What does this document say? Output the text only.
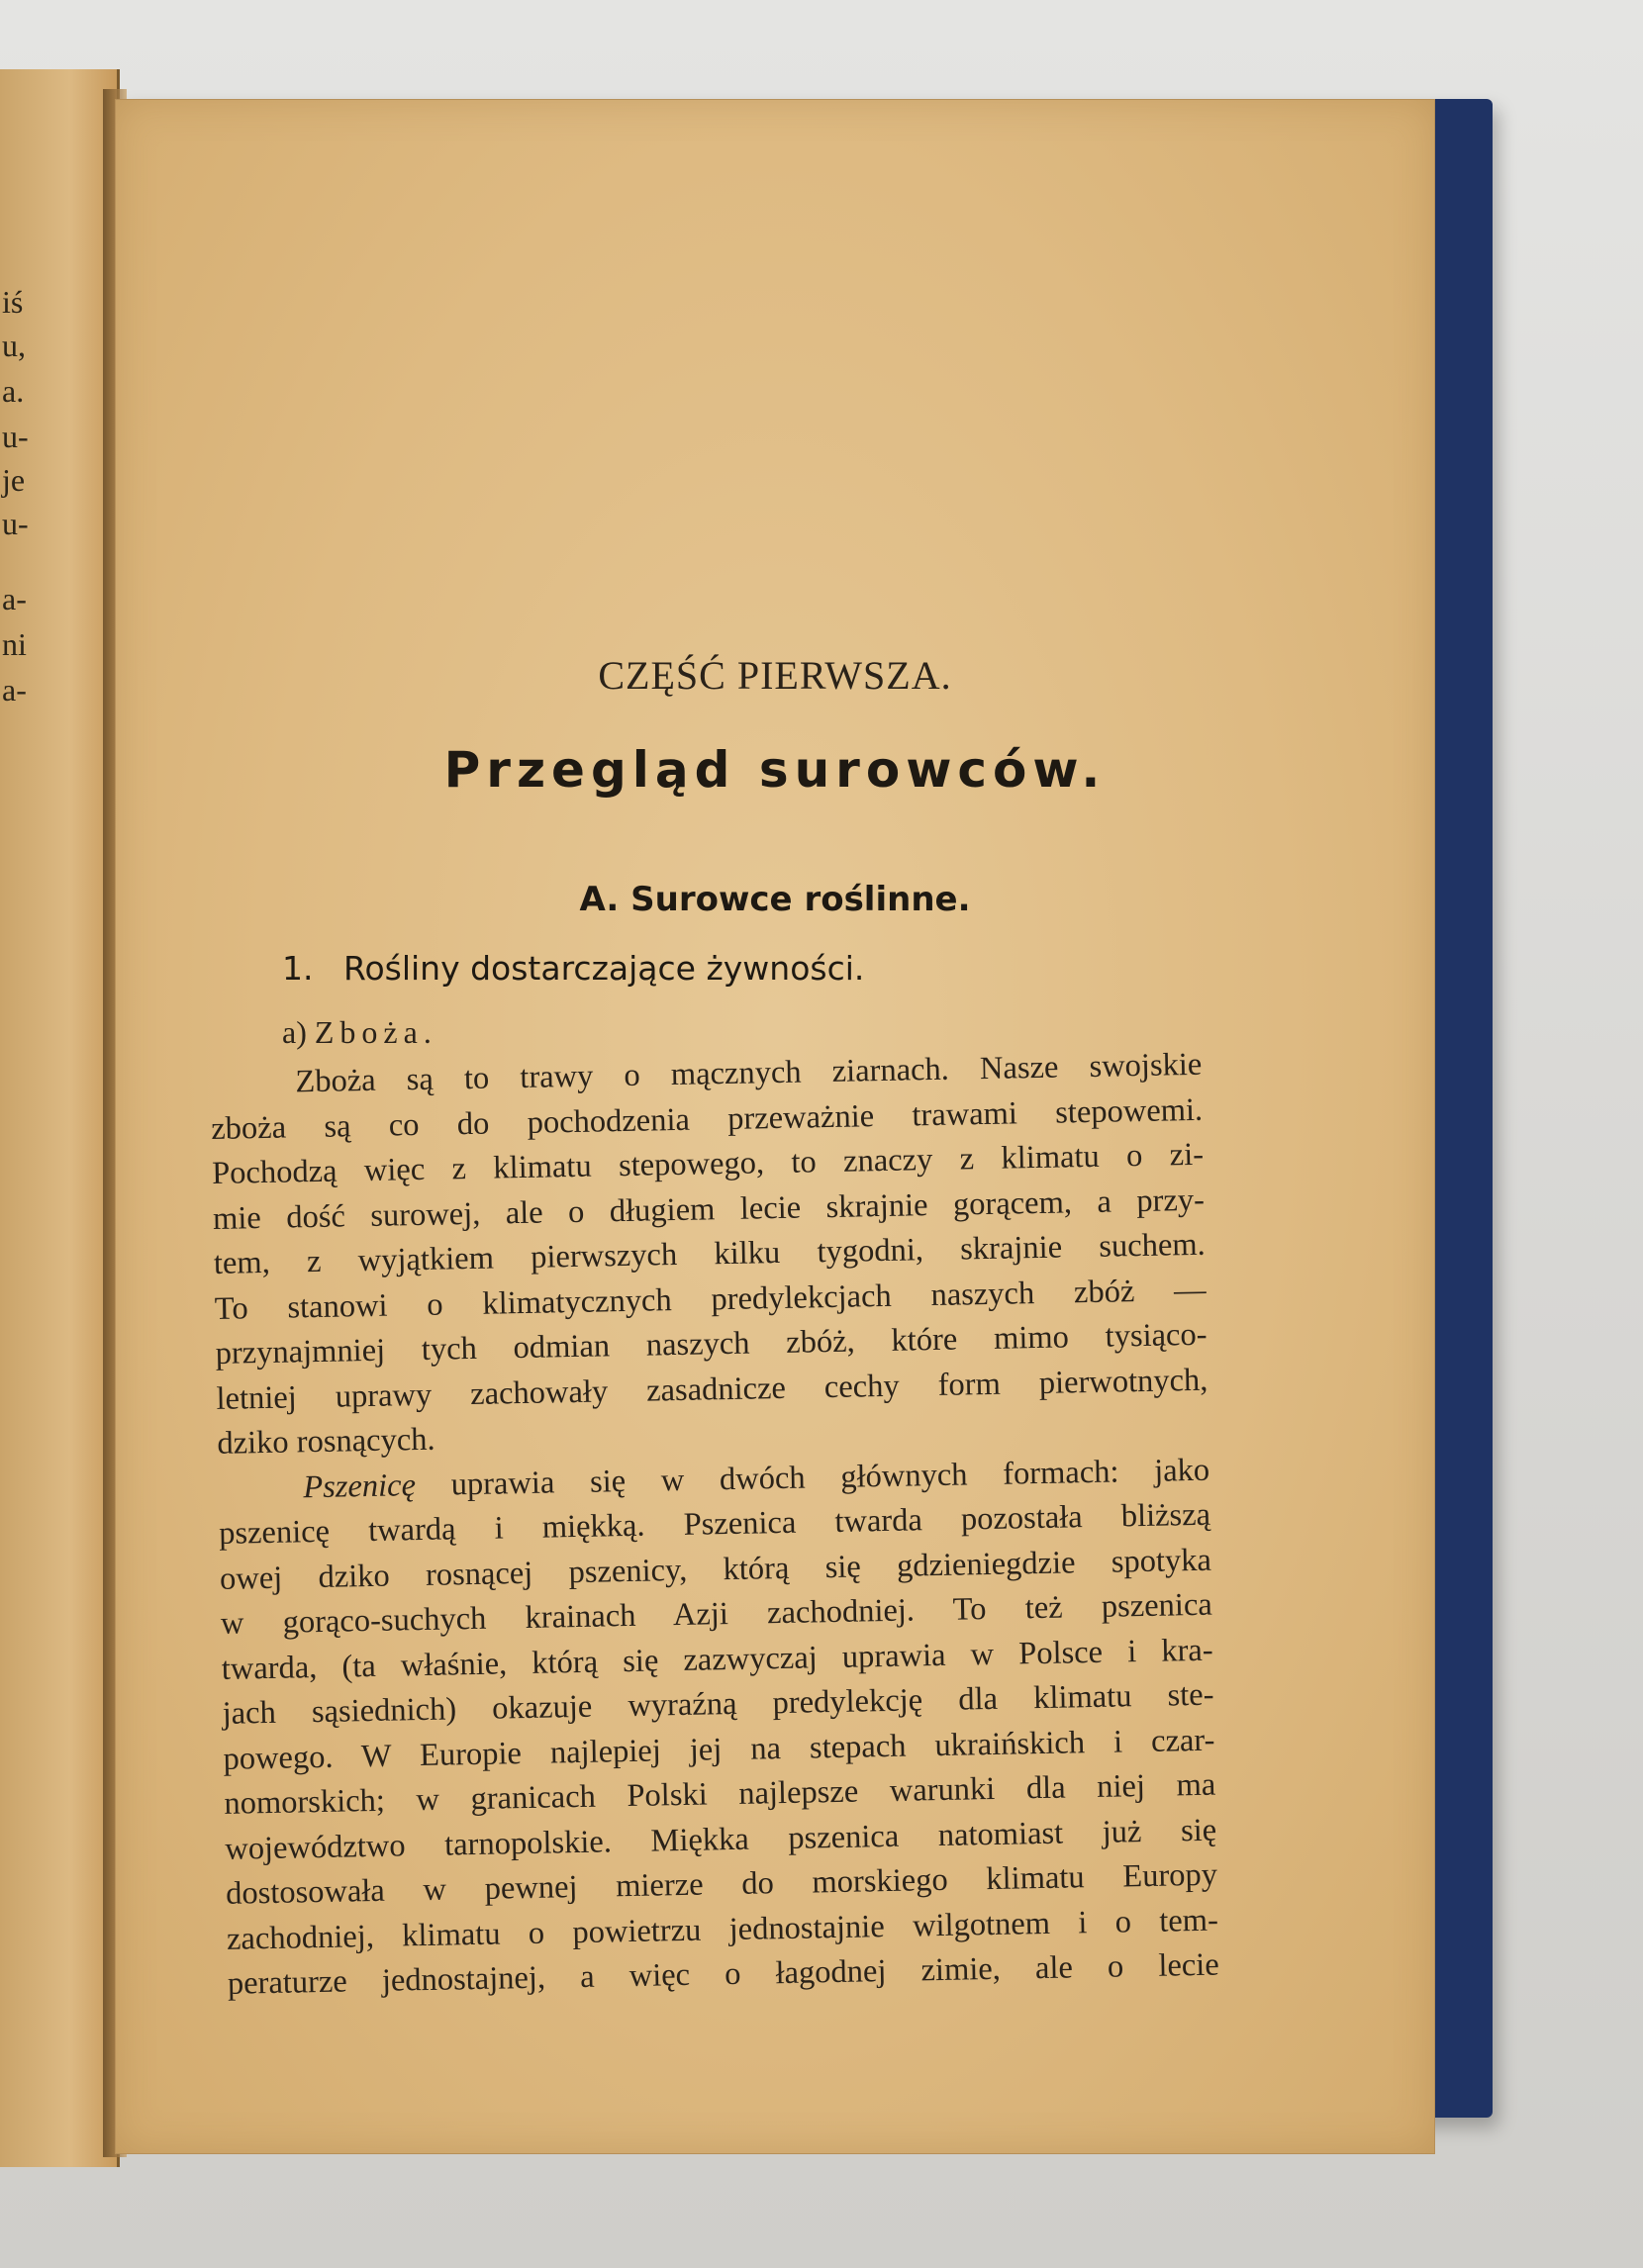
iś
u,
a.
u-
je
u-
a-
ni
a-	CZĘŚĆ PIERWSZA.
Przegląd surowców.
A. Surowce roślinne.
1. Rośliny dostarczające żywności.
a) Zboża.
Zboża są to trawy o mącznych ziarnach. Nasze swojskie
zboża są co do pochodzenia przeważnie trawami stepowemi.
Pochodzą więc z klimatu stepowego, to znaczy z klimatu o zi-
mie dość surowej, ale o długiem lecie skrajnie gorącem, a przy-
tem, z wyjątkiem pierwszych kilku tygodni, skrajnie suchem.
To stanowi o klimatycznych predylekcjach naszych zbóż —
przynajmniej tych odmian naszych zbóż, które mimo tysiąco-
letniej uprawy zachowały zasadnicze cechy form pierwotnych,
dziko rosnących.
Pszenicę uprawia się w dwóch głównych formach: jako
pszenicę twardą i miękką. Pszenica twarda pozostała bliższą
owej dziko rosnącej pszenicy, którą się gdzieniegdzie spotyka
w gorąco-suchych krainach Azji zachodniej. To też pszenica
twarda, (ta właśnie, którą się zazwyczaj uprawia w Polsce i kra-
jach sąsiednich) okazuje wyraźną predylekcję dla klimatu ste-
powego. W Europie najlepiej jej na stepach ukraińskich i czar-
nomorskich; w granicach Polski najlepsze warunki dla niej ma
województwo tarnopolskie. Miękka pszenica natomiast już się
dostosowała w pewnej mierze do morskiego klimatu Europy
zachodniej, klimatu o powietrzu jednostajnie wilgotnem i o tem-
peraturze jednostajnej, a więc o łagodnej zimie, ale o lecie
